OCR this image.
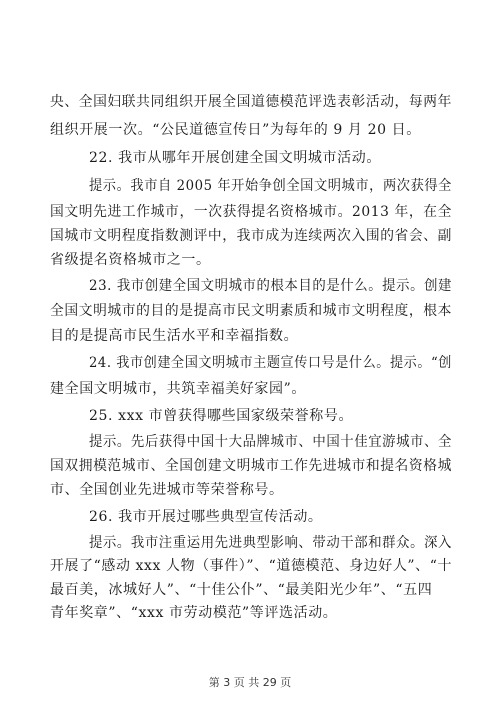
央、全国妇联共同组织开展全国道德模范评选表彰活动，每两年
组织开展一次。“公民道德宣传日”为每年的 9 月 20 日。
22. 我市从哪年开展创建全国文明城市活动。
提示。我市自 2005 年开始争创全国文明城市，两次获得全
国文明先进工作城市，一次获得提名资格城市。2013 年，在全
国城市文明程度指数测评中，我市成为连续两次入围的省会、副
省级提名资格城市之一。
23. 我市创建全国文明城市的根本目的是什么。提示。创建
全国文明城市的目的是提高市民文明素质和城市文明程度，根本
目的是提高市民生活水平和幸福指数。
24. 我市创建全国文明城市主题宣传口号是什么。提示。“创
建全国文明城市，共筑幸福美好家园”。
25. xxx 市曾获得哪些国家级荣誉称号。
提示。先后获得中国十大品牌城市、中国十佳宜游城市、全
国双拥模范城市、全国创建文明城市工作先进城市和提名资格城
市、全国创业先进城市等荣誉称号。
26. 我市开展过哪些典型宣传活动。
提示。我市注重运用先进典型影响、带动干部和群众。深入
开展了“感动 xxx 人物（事件）”、“道德模范、身边好人”、“十
最百美，冰城好人”、“十佳公仆”、“最美阳光少年”、“五四
青年奖章”、“xxx 市劳动模范”等评选活动。
第 3 页 共 29 页
